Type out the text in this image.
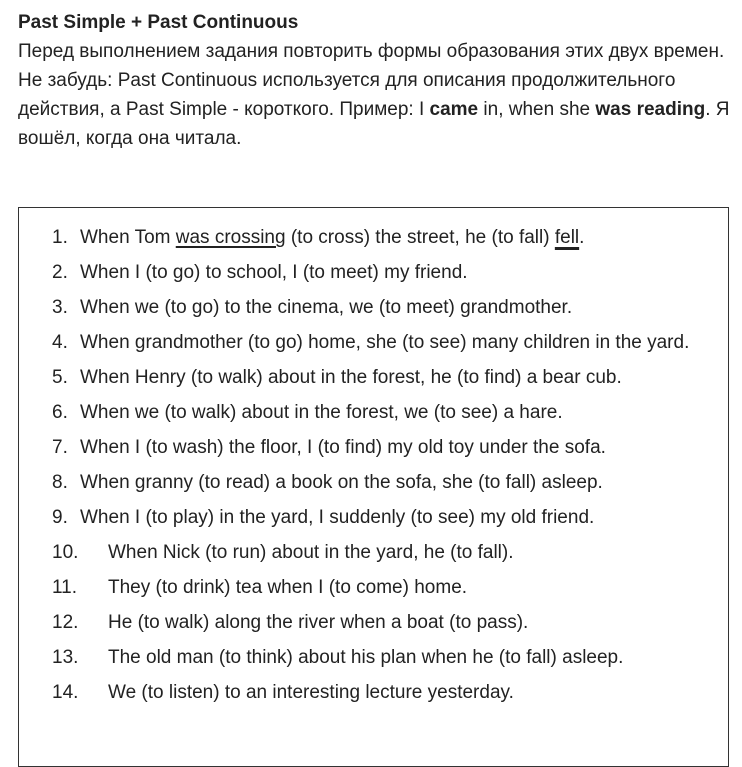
Past Simple + Past Continuous

Перед выполнением задания повторить формы образования этих двух времен.

Не забудь: Past Continuous используется для описания продолжительного действия, а Past Simple - короткого. Пример: I came in, when she was reading. Я вошёл, когда она читала.

1. When Tom was crossing (to cross) the street, he (to fall) fell.
2. When I (to go) to school, I (to meet) my friend.
3. When we (to go) to the cinema, we (to meet) grandmother.
4. When grandmother (to go) home, she (to see) many children in the yard.
5. When Henry (to walk) about in the forest, he (to find) a bear cub.
6. When we (to walk) about in the forest, we (to see) a hare.
7. When I (to wash) the floor, I (to find) my old toy under the sofa.
8. When granny (to read) a book on the sofa, she (to fall) asleep.
9. When I (to play) in the yard, I suddenly (to see) my old friend.
10. When Nick (to run) about in the yard, he (to fall).
11. They (to drink) tea when I (to come) home.
12. He (to walk) along the river when a boat (to pass).
13. The old man (to think) about his plan when he (to fall) asleep.
14. We (to listen) to an interesting lecture yesterday.
